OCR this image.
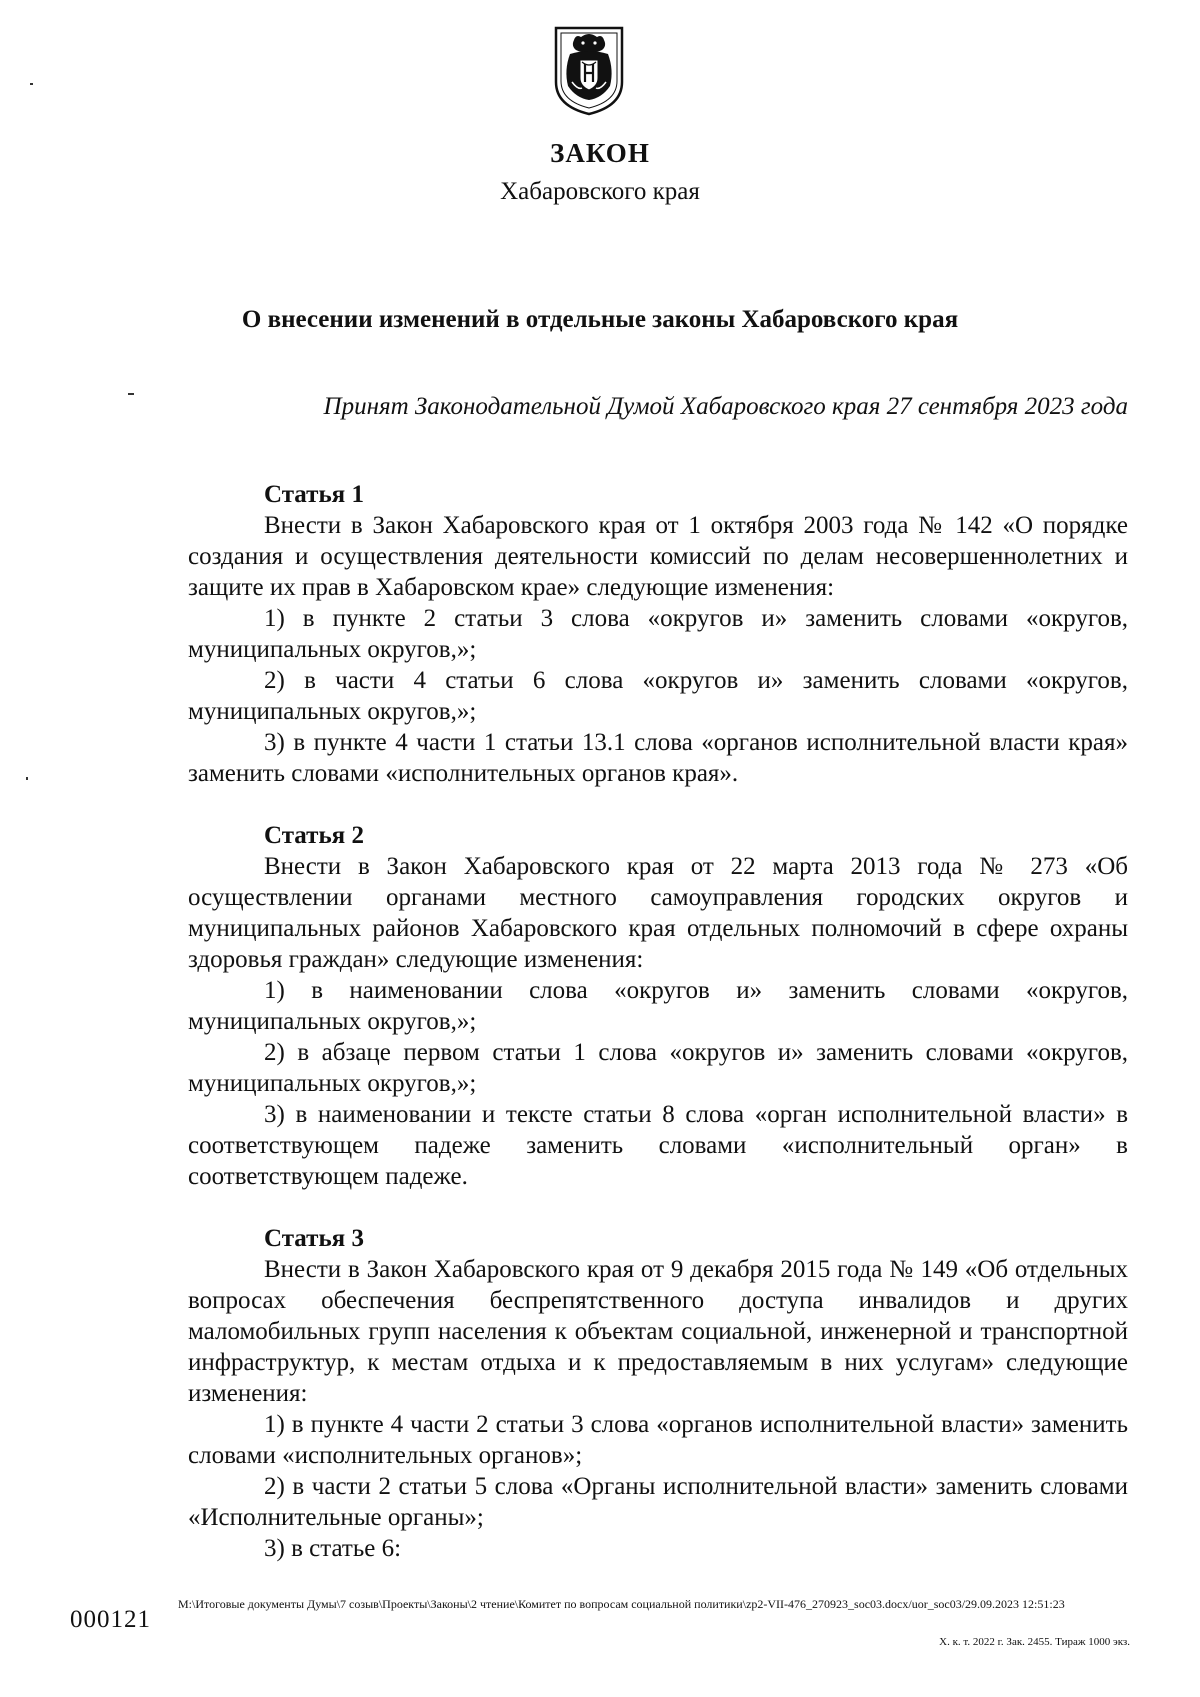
ЗАКОН
Хабаровского края
О внесении изменений в отдельные законы Хабаровского края
Принят Законодательной Думой Хабаровского края 27 сентября 2023 года
Статья 1

Внести в Закон Хабаровского края от 1 октября 2003 года № 142 «О порядке создания и осуществления деятельности комиссий по делам несовершеннолетних и защите их прав в Хабаровском крае» следующие изменения:

1) в пункте 2 статьи 3 слова «округов и» заменить словами «округов, муниципальных округов,»;

2) в части 4 статьи 6 слова «округов и» заменить словами «округов, муниципальных округов,»;

3) в пункте 4 части 1 статьи 13.1 слова «органов исполнительной власти края» заменить словами «исполнительных органов края».

Статья 2

Внести в Закон Хабаровского края от 22 марта 2013 года № 273 «Об осуществлении органами местного самоуправления городских округов и муниципальных районов Хабаровского края отдельных полномочий в сфере охраны здоровья граждан» следующие изменения:

1) в наименовании слова «округов и» заменить словами «округов, муниципальных округов,»;

2) в абзаце первом статьи 1 слова «округов и» заменить словами «округов, муниципальных округов,»;

3) в наименовании и тексте статьи 8 слова «орган исполнительной власти» в соответствующем падеже заменить словами «исполнительный орган» в соответствующем падеже.

Статья 3

Внести в Закон Хабаровского края от 9 декабря 2015 года № 149 «Об отдельных вопросах обеспечения беспрепятственного доступа инвалидов и других маломобильных групп населения к объектам социальной, инженерной и транспортной инфраструктур, к местам отдыха и к предоставляемым в них услугам» следующие изменения:

1) в пункте 4 части 2 статьи 3 слова «органов исполнительной власти» заменить словами «исполнительных органов»;

2) в части 2 статьи 5 слова «Органы исполнительной власти» заменить словами «Исполнительные органы»;

3) в статье 6:

000121
M:\Итоговые документы Думы\7 созыв\Проекты\Законы\2 чтение\Комитет по вопросам социальной политики\zp2-VII-476_270923_soc03.docx/uor_soc03/29.09.2023 12:51:23
Х. к. т. 2022 г. Зак. 2455. Тираж 1000 экз.
